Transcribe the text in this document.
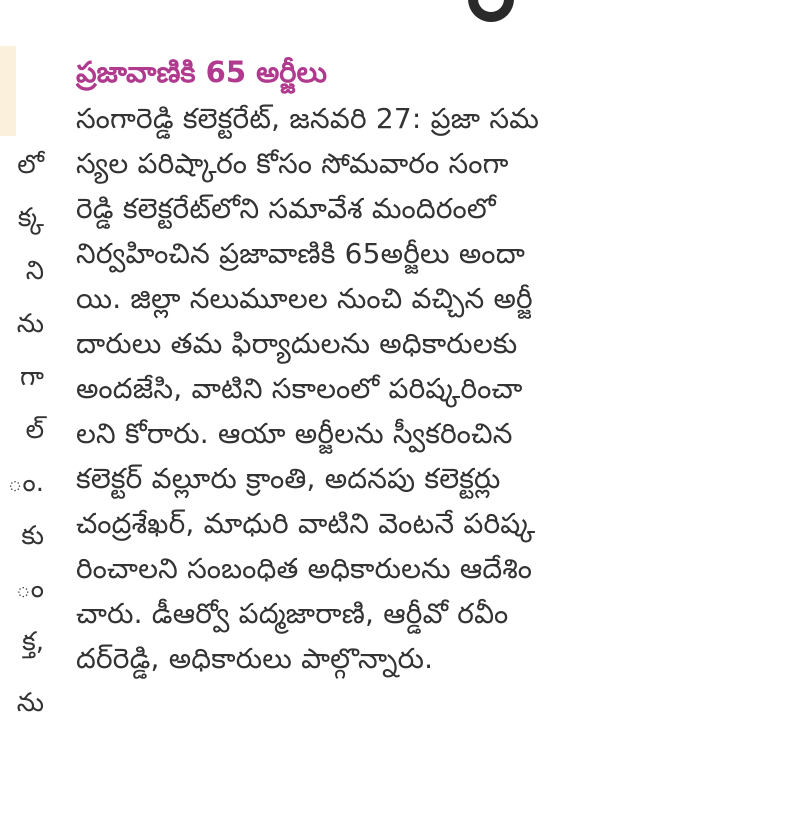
లో
క్క
ని
ను
గా
ల్
ం.
కు
ం
క్త,
ను
ప్రజావాణికి 65 అర్జీలు
సంగారెడ్డి కలెక్టరేట్, జనవరి 27: ప్రజా సమ
స్యల పరిష్కారం కోసం సోమవారం సంగా
రెడ్డి కలెక్టరేట్‌లోని సమావేశ మందిరంలో
నిర్వహించిన ప్రజావాణికి 65అర్జీలు అందా
యి. జిల్లా నలుమూలల నుంచి వచ్చిన అర్జీ
దారులు తమ ఫిర్యాదులను అధికారులకు
అందజేసి, వాటిని సకాలంలో పరిష్కరించా
లని కోరారు. ఆయా అర్జీలను స్వీకరించిన
కలెక్టర్ వల్లూరు క్రాంతి, అదనపు కలెక్టర్లు
చంద్రశేఖర్, మాధురి వాటిని వెంటనే పరిష్క
రించాలని సంబంధిత అధికారులను ఆదేశిం
చారు. డీఆర్వో పద్మజారాణి, ఆర్డీవో రవీం
దర్‌రెడ్డి, అధికారులు పాల్గొన్నారు.
